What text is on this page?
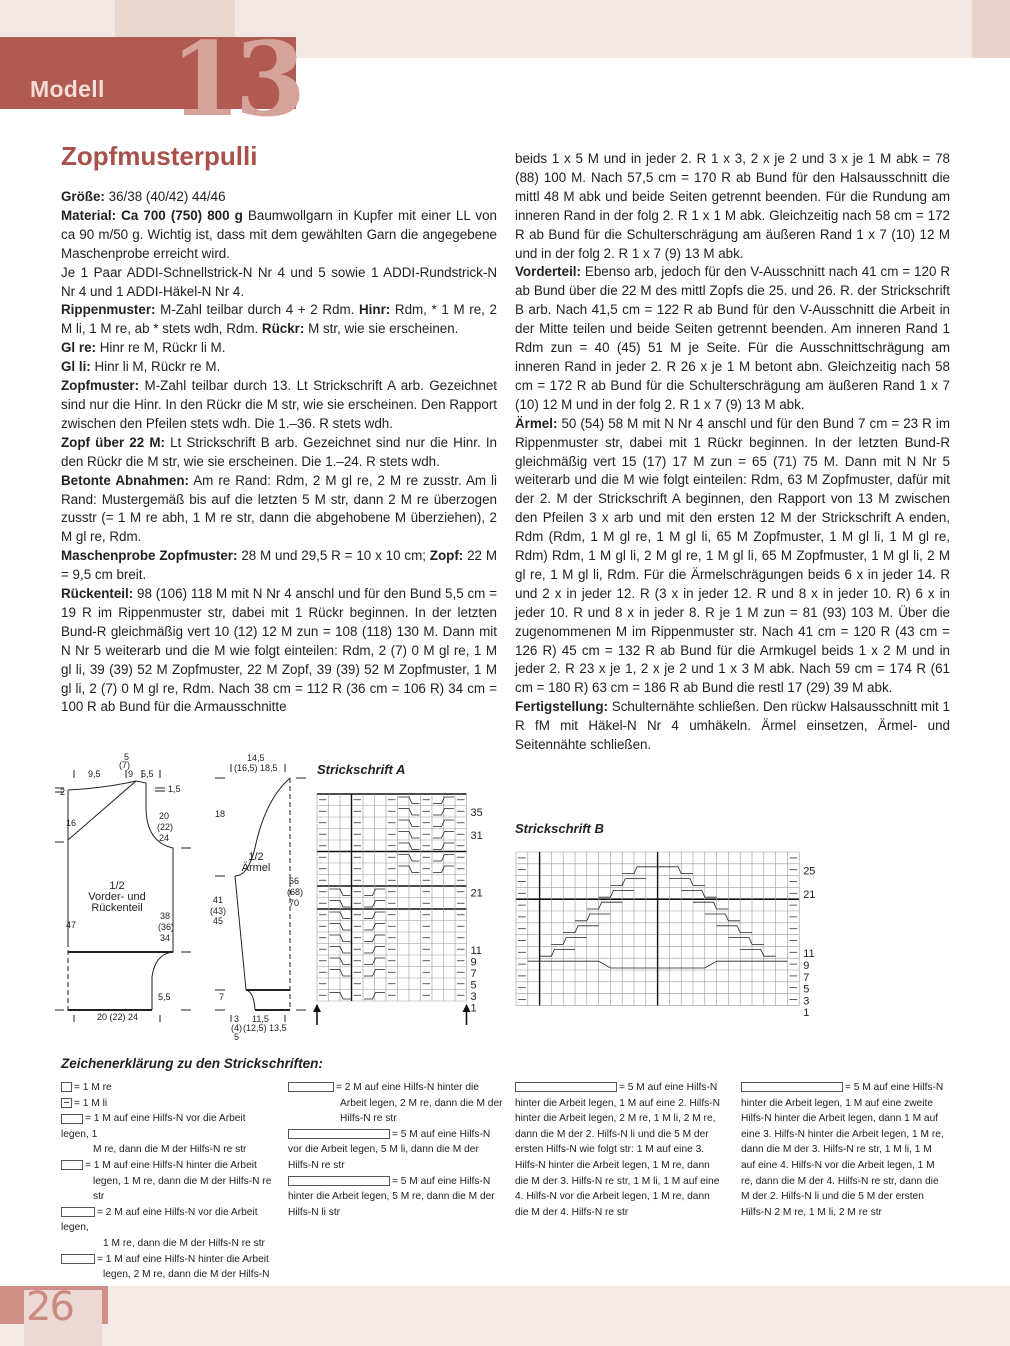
Modell 13
Zopfmusterpulli

Größe: 36/38 (40/42) 44/46

Material: Ca 700 (750) 800 g Baumwollgarn in Kupfer mit einer LL von ca 90 m/50 g. Wichtig ist, dass mit dem gewählten Garn die angegebene Maschenprobe erreicht wird.

Je 1 Paar ADDI-Schnellstrick-N Nr 4 und 5 sowie 1 ADDI-Rundstrick-N Nr 4 und 1 ADDI-Häkel-N Nr 4.

Rippenmuster: M-Zahl teilbar durch 4 + 2 Rdm. Hinr: Rdm, * 1 M re, 2 M li, 1 M re, ab * stets wdh, Rdm. Rückr: M str, wie sie erscheinen.

Gl re: Hinr re M, Rückr li M.

Gl li: Hinr li M, Rückr re M.

Zopfmuster: M-Zahl teilbar durch 13. Lt Strickschrift A arb. Gezeichnet sind nur die Hinr. In den Rückr die M str, wie sie erscheinen. Den Rapport zwischen den Pfeilen stets wdh. Die 1.–36. R stets wdh.

Zopf über 22 M: Lt Strickschrift B arb. Gezeichnet sind nur die Hinr. In den Rückr die M str, wie sie erscheinen. Die 1.–24. R stets wdh.

Betonte Abnahmen: Am re Rand: Rdm, 2 M gl re, 2 M re zusstr. Am li Rand: Mustergemäß bis auf die letzten 5 M str, dann 2 M re überzogen zusstr (= 1 M re abh, 1 M re str, dann die abgehobene M überziehen), 2 M gl re, Rdm.

Maschenprobe Zopfmuster: 28 M und 29,5 R = 10 x 10 cm; Zopf: 22 M = 9,5 cm breit.

Rückenteil: 98 (106) 118 M mit N Nr 4 anschl und für den Bund 5,5 cm = 19 R im Rippenmuster str, dabei mit 1 Rückr beginnen. In der letzten Bund-R gleichmäßig vert 10 (12) 12 M zun = 108 (118) 130 M. Dann mit N Nr 5 weiterarb und die M wie folgt einteilen: Rdm, 2 (7) 0 M gl re, 1 M gl li, 39 (39) 52 M Zopfmuster, 22 M Zopf, 39 (39) 52 M Zopfmuster, 1 M gl li, 2 (7) 0 M gl re, Rdm. Nach 38 cm = 112 R (36 cm = 106 R) 34 cm = 100 R ab Bund für die Armausschnitte

beids 1 x 5 M und in jeder 2. R 1 x 3, 2 x je 2 und 3 x je 1 M abk = 78 (88) 100 M. Nach 57,5 cm = 170 R ab Bund für den Halsausschnitt die mittl 48 M abk und beide Seiten getrennt beenden. Für die Rundung am inneren Rand in der folg 2. R 1 x 1 M abk. Gleichzeitig nach 58 cm = 172 R ab Bund für die Schulterschrägung am äußeren Rand 1 x 7 (10) 12 M und in der folg 2. R 1 x 7 (9) 13 M abk.

Vorderteil: Ebenso arb, jedoch für den V-Ausschnitt nach 41 cm = 120 R ab Bund über die 22 M des mittl Zopfs die 25. und 26. R. der Strickschrift B arb. Nach 41,5 cm = 122 R ab Bund für den V-Ausschnitt die Arbeit in der Mitte teilen und beide Seiten getrennt beenden. Am inneren Rand 1 Rdm zun = 40 (45) 51 M je Seite. Für die Ausschnittschrägung am inneren Rand in jeder 2. R 26 x je 1 M betont abn. Gleichzeitig nach 58 cm = 172 R ab Bund für die Schulterschrägung am äußeren Rand 1 x 7 (10) 12 M und in der folg 2. R 1 x 7 (9) 13 M abk.

Ärmel: 50 (54) 58 M mit N Nr 4 anschl und für den Bund 7 cm = 23 R im Rippenmuster str, dabei mit 1 Rückr beginnen. In der letzten Bund-R gleichmäßig vert 15 (17) 17 M zun = 65 (71) 75 M. Dann mit N Nr 5 weiterarb und die M wie folgt einteilen: Rdm, 63 M Zopfmuster, dafür mit der 2. M der Strickschrift A beginnen, den Rapport von 13 M zwischen den Pfeilen 3 x arb und mit den ersten 12 M der Strickschrift A enden, Rdm (Rdm, 1 M gl re, 1 M gl li, 65 M Zopfmuster, 1 M gl li, 1 M gl re, Rdm) Rdm, 1 M gl li, 2 M gl re, 1 M gl li, 65 M Zopfmuster, 1 M gl li, 2 M gl re, 1 M gl li, Rdm. Für die Ärmelschrägungen beids 6 x in jeder 14. R und 2 x in jeder 12. R (3 x in jeder 12. R und 8 x in jeder 10. R) 6 x in jeder 10. R und 8 x in jeder 8. R je 1 M zun = 81 (93) 103 M. Über die zugenommenen M im Rippenmuster str. Nach 41 cm = 120 R (43 cm = 126 R) 45 cm = 132 R ab Bund für die Armkugel beids 1 x 2 M und in jeder 2. R 23 x je 1, 2 x je 2 und 1 x 3 M abk. Nach 59 cm = 174 R (61 cm = 180 R) 63 cm = 186 R ab Bund die restl 17 (29) 39 M abk.

Fertigstellung: Schulternähte schließen. Den rückw Halsausschnitt mit 1 R fM mit Häkel-N Nr 4 umhäkeln. Ärmel einsetzen, Ärmel- und Seitennähte schließen.

5
(7)
9
9,5	5,5
2	1,5
16
20
(22)
24
47
38
(36)
34
5,5
20 (22) 24
1/2
Vorder- und
Rückenteil
14,5
(16,5) 18,5
18
41
(43)
45
66
(68)
70
7
3
(4)
5
11,5
(12,5) 13,5
1/2
Ärmel
Strickschrift A
35
31
21
11
9
7
5
3
1
Strickschrift B
25
21
11
9
7
5
3
1
Zeichenerklärung zu den Strickschriften:
= 1 M re
= 1 M li
= 1 M auf eine Hilfs-N vor die Arbeit legen, 1
M re, dann die M der Hilfs-N re str
= 1 M auf eine Hilfs-N hinter die Arbeit
legen, 1 M re, dann die M der Hilfs-N re str
= 2 M auf eine Hilfs-N vor die Arbeit legen,
1 M re, dann die M der Hilfs-N re str
= 1 M auf eine Hilfs-N hinter die Arbeit
legen, 2 M re, dann die M der Hilfs-N
= 2 M auf eine Hilfs-N hinter die
Arbeit legen, 2 M re, dann die M der
Hilfs-N re str
= 5 M auf eine Hilfs-N
vor die Arbeit legen, 5 M li, dann die M der Hilfs-N re str
= 5 M auf eine Hilfs-N
hinter die Arbeit legen, 5 M re, dann die M der Hilfs-N li str
= 5 M auf eine Hilfs-N
hinter die Arbeit legen, 1 M auf eine 2. Hilfs-N hinter die Arbeit legen, 2 M re, 1 M li, 2 M re, dann die M der 2. Hilfs-N li und die 5 M der ersten Hilfs-N wie folgt str: 1 M auf eine 3. Hilfs-N hinter die Arbeit legen, 1 M re, dann die M der 3. Hilfs-N re str, 1 M li, 1 M auf eine 4. Hilfs-N vor die Arbeit legen, 1 M re, dann die M der 4. Hilfs-N re str
= 5 M auf eine Hilfs-N
hinter die Arbeit legen, 1 M auf eine zweite Hilfs-N hinter die Arbeit legen, dann 1 M auf eine 3. Hilfs-N hinter die Arbeit legen, 1 M re, dann die M der 3. Hilfs-N re str, 1 M li, 1 M auf eine 4. Hilfs-N vor die Arbeit legen, 1 M re, dann die M der 4. Hilfs-N re str, dann die M der 2. Hilfs-N li und die 5 M der ersten Hilfs-N 2 M re, 1 M li, 2 M re str
26
